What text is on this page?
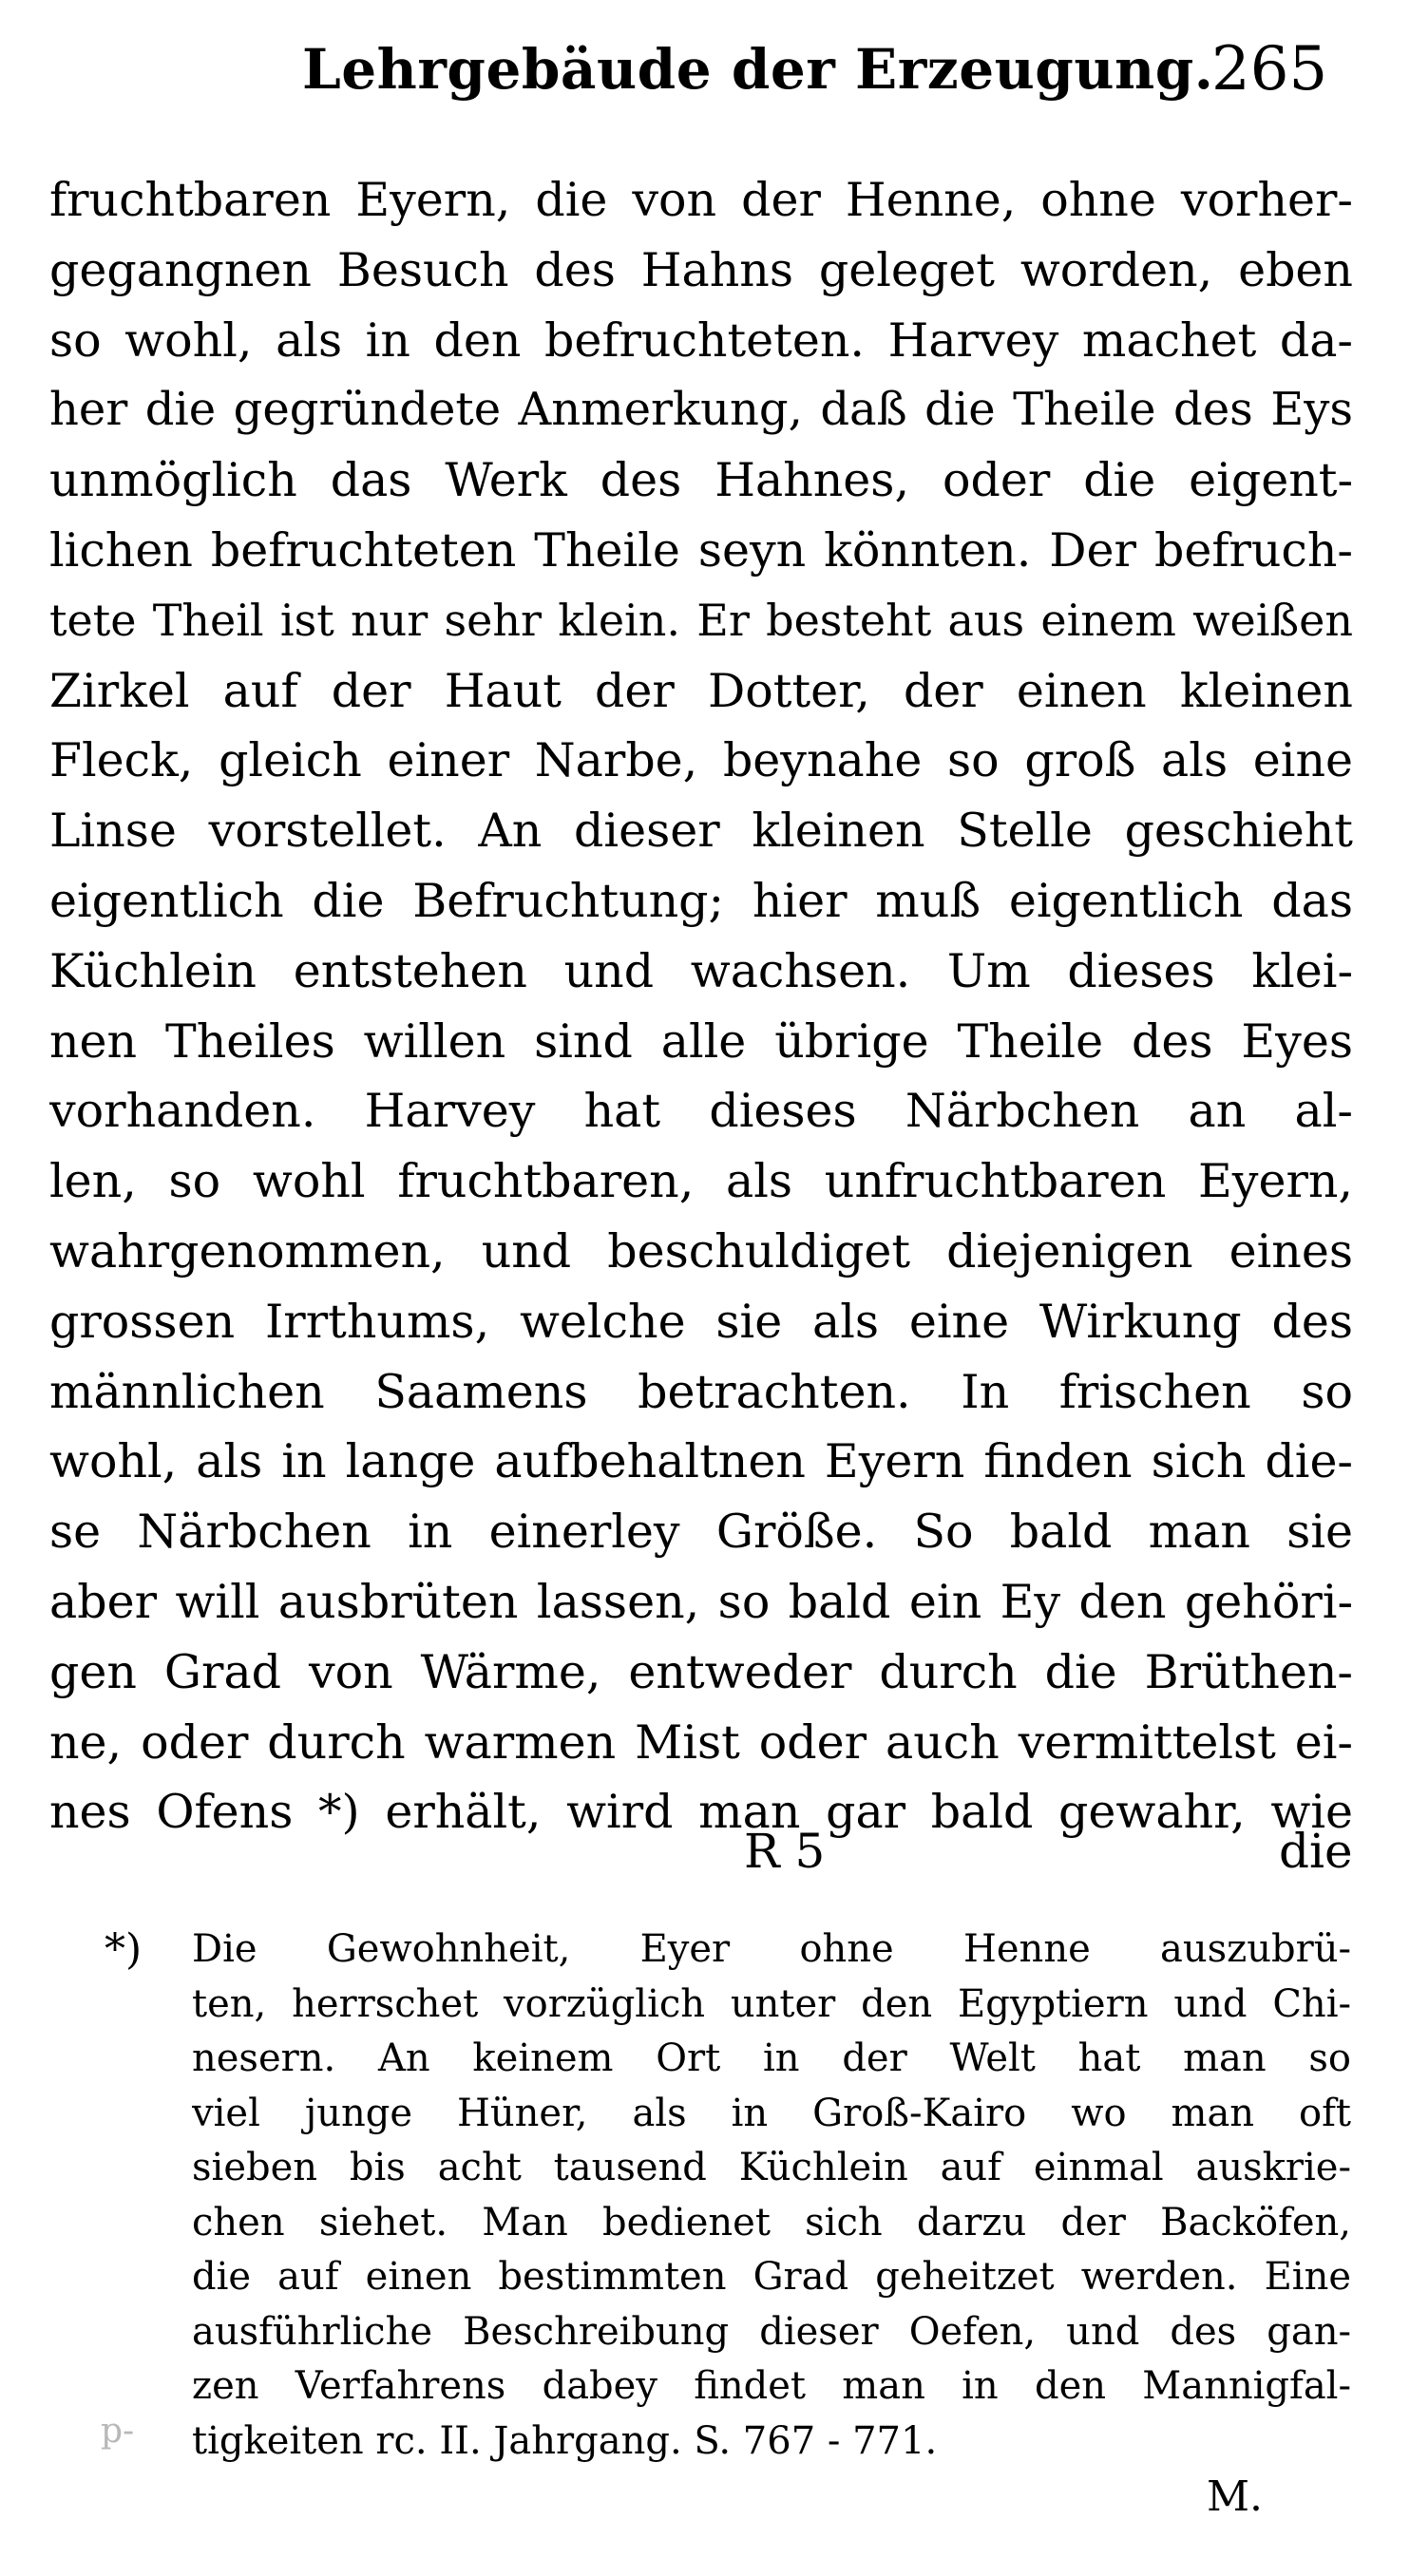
Lehrgebäude der Erzeugung.
265
fruchtbaren Eyern, die von der Henne, ohne vorher-
gegangnen Besuch des Hahns geleget worden, eben
so wohl, als in den befruchteten. Harvey machet da-
her die gegründete Anmerkung, daß die Theile des Eys
unmöglich das Werk des Hahnes, oder die eigent-
lichen befruchteten Theile seyn könnten. Der befruch-
tete Theil ist nur sehr klein. Er besteht aus einem weißen
Zirkel auf der Haut der Dotter, der einen kleinen
Fleck, gleich einer Narbe, beynahe so groß als eine
Linse vorstellet. An dieser kleinen Stelle geschieht
eigentlich die Befruchtung; hier muß eigentlich das
Küchlein entstehen und wachsen. Um dieses klei-
nen Theiles willen sind alle übrige Theile des Eyes
vorhanden. Harvey hat dieses Närbchen an al-
len, so wohl fruchtbaren, als unfruchtbaren Eyern,
wahrgenommen, und beschuldiget diejenigen eines
grossen Irrthums, welche sie als eine Wirkung des
männlichen Saamens betrachten. In frischen so
wohl, als in lange aufbehaltnen Eyern finden sich die-
se Närbchen in einerley Größe. So bald man sie
aber will ausbrüten lassen, so bald ein Ey den gehöri-
gen Grad von Wärme, entweder durch die Brüthen-
ne, oder durch warmen Mist oder auch vermittelst ei-
nes Ofens *) erhält, wird man gar bald gewahr, wie
R 5	die
*) Die Gewohnheit, Eyer ohne Henne auszubrü-
ten, herrschet vorzüglich unter den Egyptiern und Chi-
nesern. An keinem Ort in der Welt hat man so
viel junge Hüner, als in Groß-Kairo wo man oft
sieben bis acht tausend Küchlein auf einmal auskrie-
chen siehet. Man bedienet sich darzu der Backöfen,
die auf einen bestimmten Grad geheitzet werden. Eine
ausführliche Beschreibung dieser Oefen, und des gan-
zen Verfahrens dabey findet man in den Mannigfal-
tigkeiten rc. II. Jahrgang. S. 767 - 771.
M.
p-
